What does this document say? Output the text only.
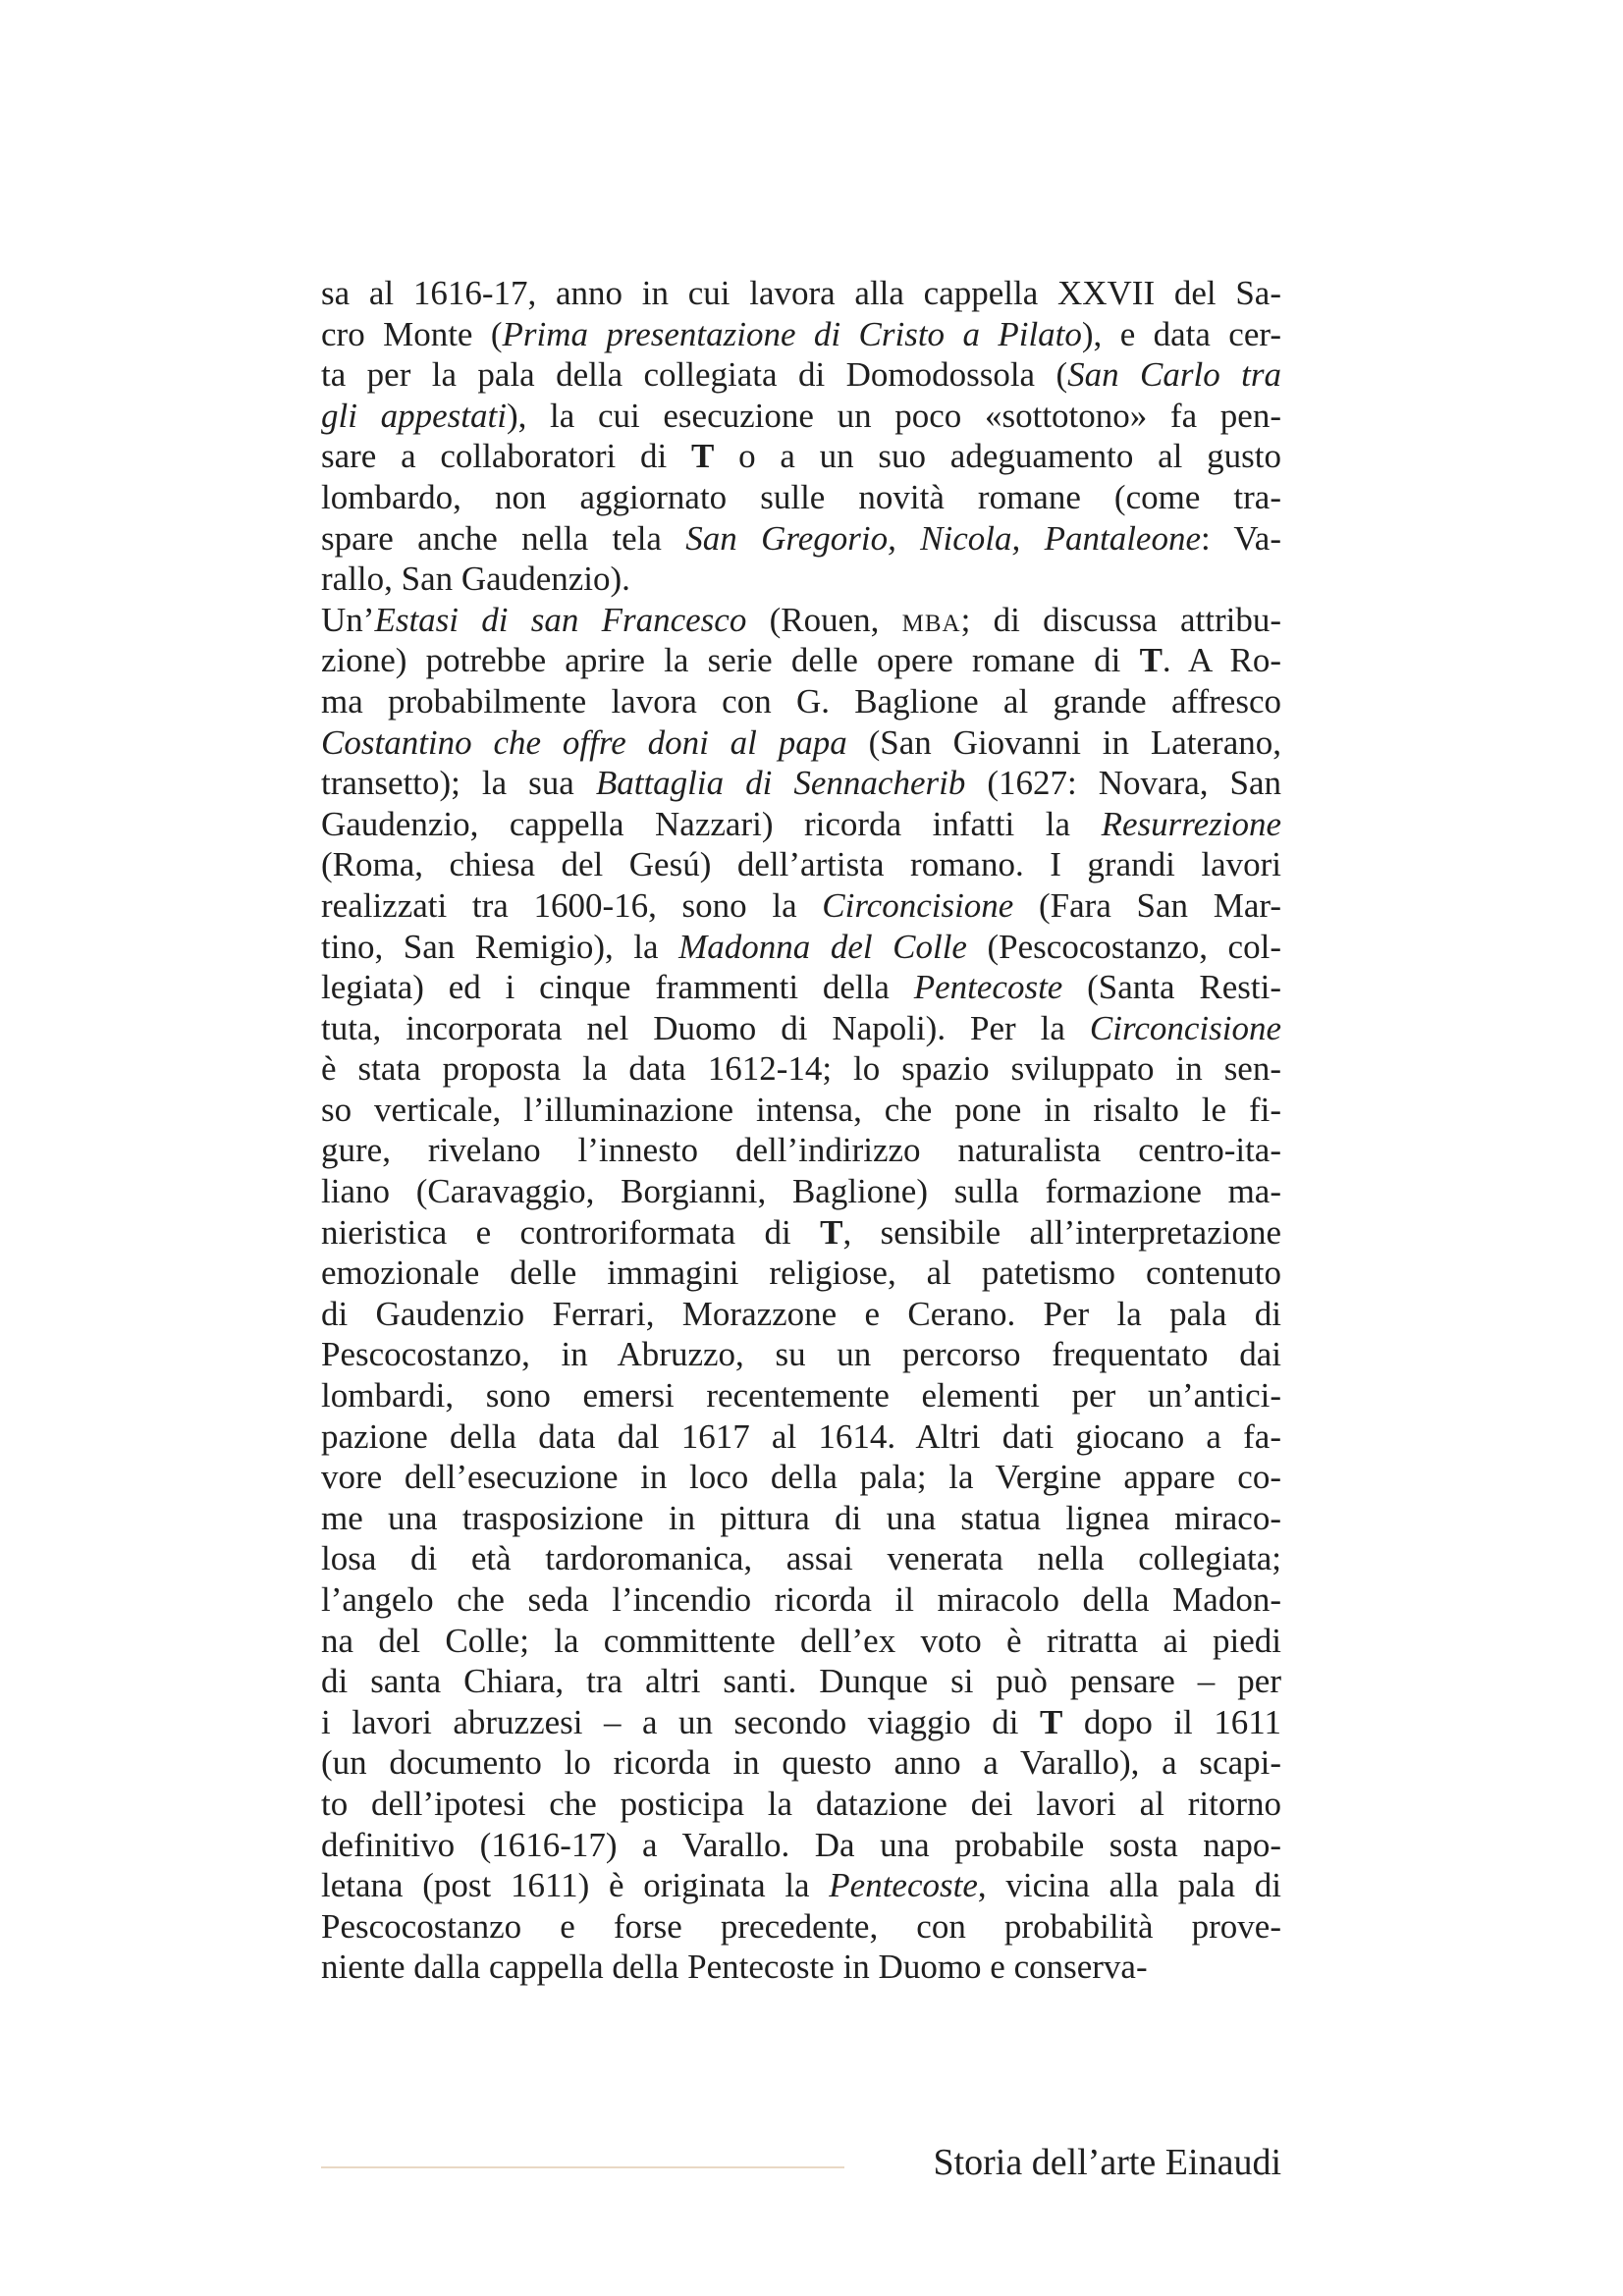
sa al 1616-17, anno in cui lavora alla cappella XXVII del Sa-
cro Monte (Prima presentazione di Cristo a Pilato), e data cer-
ta per la pala della collegiata di Domodossola (San Carlo tra
gli appestati), la cui esecuzione un poco «sottotono» fa pen-
sare a collaboratori di T o a un suo adeguamento al gusto
lombardo, non aggiornato sulle novità romane (come tra-
spare anche nella tela San Gregorio, Nicola, Pantaleone: Va-
rallo, San Gaudenzio).
Un’Estasi di san Francesco (Rouen, mba; di discussa attribu-
zione) potrebbe aprire la serie delle opere romane di T. A Ro-
ma probabilmente lavora con G. Baglione al grande affresco
Costantino che offre doni al papa (San Giovanni in Laterano,
transetto); la sua Battaglia di Sennacherib (1627: Novara, San
Gaudenzio, cappella Nazzari) ricorda infatti la Resurrezione
(Roma, chiesa del Gesú) dell’artista romano. I grandi lavori
realizzati tra 1600-16, sono la Circoncisione (Fara San Mar-
tino, San Remigio), la Madonna del Colle (Pescocostanzo, col-
legiata) ed i cinque frammenti della Pentecoste (Santa Resti-
tuta, incorporata nel Duomo di Napoli). Per la Circoncisione
è stata proposta la data 1612-14; lo spazio sviluppato in sen-
so verticale, l’illuminazione intensa, che pone in risalto le fi-
gure, rivelano l’innesto dell’indirizzo naturalista centro-ita-
liano (Caravaggio, Borgianni, Baglione) sulla formazione ma-
nieristica e controriformata di T, sensibile all’interpretazione
emozionale delle immagini religiose, al patetismo contenuto
di Gaudenzio Ferrari, Morazzone e Cerano. Per la pala di
Pescocostanzo, in Abruzzo, su un percorso frequentato dai
lombardi, sono emersi recentemente elementi per un’antici-
pazione della data dal 1617 al 1614. Altri dati giocano a fa-
vore dell’esecuzione in loco della pala; la Vergine appare co-
me una trasposizione in pittura di una statua lignea miraco-
losa di età tardoromanica, assai venerata nella collegiata;
l’angelo che seda l’incendio ricorda il miracolo della Madon-
na del Colle; la committente dell’ex voto è ritratta ai piedi
di santa Chiara, tra altri santi. Dunque si può pensare – per
i lavori abruzzesi – a un secondo viaggio di T dopo il 1611
(un documento lo ricorda in questo anno a Varallo), a scapi-
to dell’ipotesi che posticipa la datazione dei lavori al ritorno
definitivo (1616-17) a Varallo. Da una probabile sosta napo-
letana (post 1611) è originata la Pentecoste, vicina alla pala di
Pescocostanzo e forse precedente, con probabilità prove-
niente dalla cappella della Pentecoste in Duomo e conserva-
Storia dell’arte Einaudi
